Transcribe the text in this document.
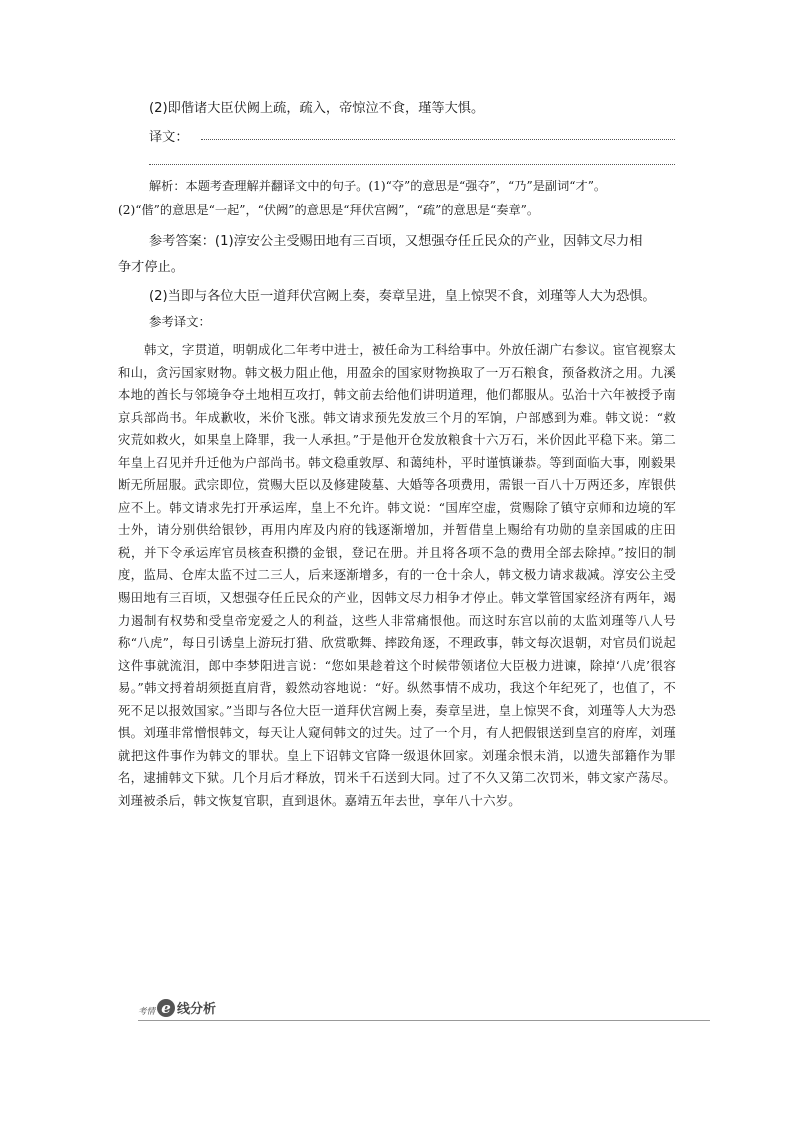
(2)即偕诸大臣伏阙上疏，疏入，帝惊泣不食，瑾等大惧。
译文：
解析：本题考查理解并翻译文中的句子。(1)“夺”的意思是“强夺”，“乃”是副词“才”。
(2)“偕”的意思是“一起”，“伏阙”的意思是“拜伏宫阙”，“疏”的意思是“奏章”。
参考答案：(1)淳安公主受赐田地有三百顷，又想强夺任丘民众的产业，因韩文尽力相
争才停止。
(2)当即与各位大臣一道拜伏宫阙上奏，奏章呈进，皇上惊哭不食，刘瑾等人大为恐惧。
参考译文：

韩文，字贯道，明朝成化二年考中进士，被任命为工科给事中。外放任湖广右参议。宦官视察太和山，贪污国家财物。韩文极力阻止他，用盈余的国家财物换取了一万石粮食，预备救济之用。九溪本地的酋长与邻境争夺土地相互攻打，韩文前去给他们讲明道理，他们都服从。弘治十六年被授予南京兵部尚书。年成歉收，米价飞涨。韩文请求预先发放三个月的军饷，户部感到为难。韩文说：“救灾荒如救火，如果皇上降罪，我一人承担。”于是他开仓发放粮食十六万石，米价因此平稳下来。第二年皇上召见并升迁他为户部尚书。韩文稳重敦厚、和蔼纯朴，平时谨慎谦恭。等到面临大事，刚毅果断无所屈服。武宗即位，赏赐大臣以及修建陵墓、大婚等各项费用，需银一百八十万两还多，库银供应不上。韩文请求先打开承运库，皇上不允许。韩文说：“国库空虚，赏赐除了镇守京师和边境的军士外，请分别供给银钞，再用内库及内府的钱逐渐增加，并暂借皇上赐给有功勋的皇亲国戚的庄田税，并下令承运库官员核查积攒的金银，登记在册。并且将各项不急的费用全部去除掉。”按旧的制度，监局、仓库太监不过二三人，后来逐渐增多，有的一仓十余人，韩文极力请求裁减。淳安公主受赐田地有三百顷，又想强夺任丘民众的产业，因韩文尽力相争才停止。韩文掌管国家经济有两年，竭力遏制有权势和受皇帝宠爱之人的利益，这些人非常痛恨他。而这时东宫以前的太监刘瑾等八人号称“八虎”，每日引诱皇上游玩打猎、欣赏歌舞、摔跤角逐，不理政事，韩文每次退朝，对官员们说起这件事就流泪，郎中李梦阳进言说：“您如果趁着这个时候带领诸位大臣极力进谏，除掉‘八虎’很容易。”韩文捋着胡须挺直肩背，毅然动容地说：“好。纵然事情不成功，我这个年纪死了，也值了，不死不足以报效国家。”当即与各位大臣一道拜伏宫阙上奏，奏章呈进，皇上惊哭不食，刘瑾等人大为恐惧。刘瑾非常憎恨韩文，每天让人窥伺韩文的过失。过了一个月，有人把假银送到皇宫的府库，刘瑾就把这件事作为韩文的罪状。皇上下诏韩文官降一级退休回家。刘瑾余恨未消，以遗失部籍作为罪名，逮捕韩文下狱。几个月后才释放，罚米千石送到大同。过了不久又第二次罚米，韩文家产荡尽。刘瑾被杀后，韩文恢复官职，直到退休。嘉靖五年去世，享年八十六岁。

考情 e 线分析
